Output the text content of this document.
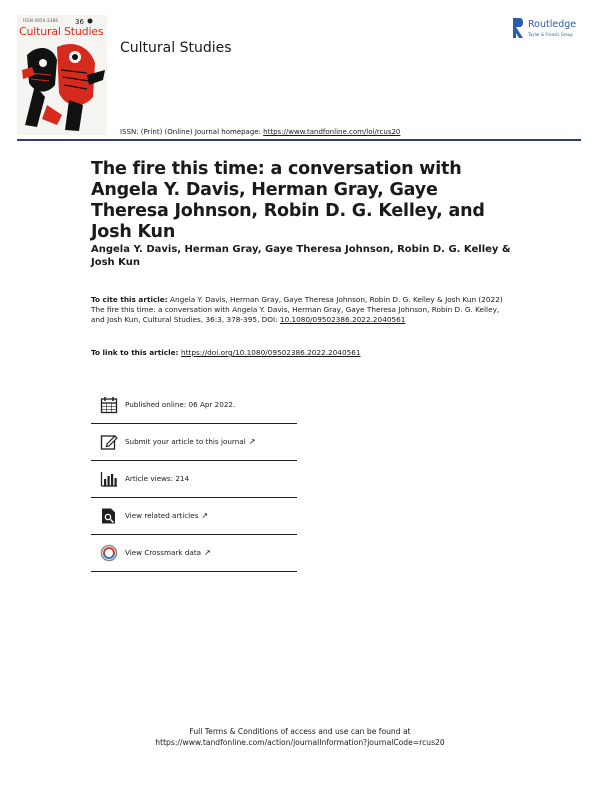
ISSN 0950-2386
Cultural Studies
36
Cultural Studies
Routledge
Taylor & Francis Group
ISSN: (Print) (Online) Journal homepage: https://www.tandfonline.com/loi/rcus20
The fire this time: a conversation with Angela Y. Davis, Herman Gray, Gaye Theresa Johnson, Robin D. G. Kelley, and Josh Kun
Angela Y. Davis, Herman Gray, Gaye Theresa Johnson, Robin D. G. Kelley & Josh Kun
To cite this article: Angela Y. Davis, Herman Gray, Gaye Theresa Johnson, Robin D. G. Kelley & Josh Kun (2022) The fire this time: a conversation with Angela Y. Davis, Herman Gray, Gaye Theresa Johnson, Robin D. G. Kelley, and Josh Kun, Cultural Studies, 36:3, 378-395, DOI: 10.1080/09502386.2022.2040561
To link to this article: https://doi.org/10.1080/09502386.2022.2040561
Published online: 06 Apr 2022.
Submit your article to this journal ↗
Article views: 214
View related articles ↗
View Crossmark data ↗
Full Terms & Conditions of access and use can be found at
https://www.tandfonline.com/action/journalInformation?journalCode=rcus20
